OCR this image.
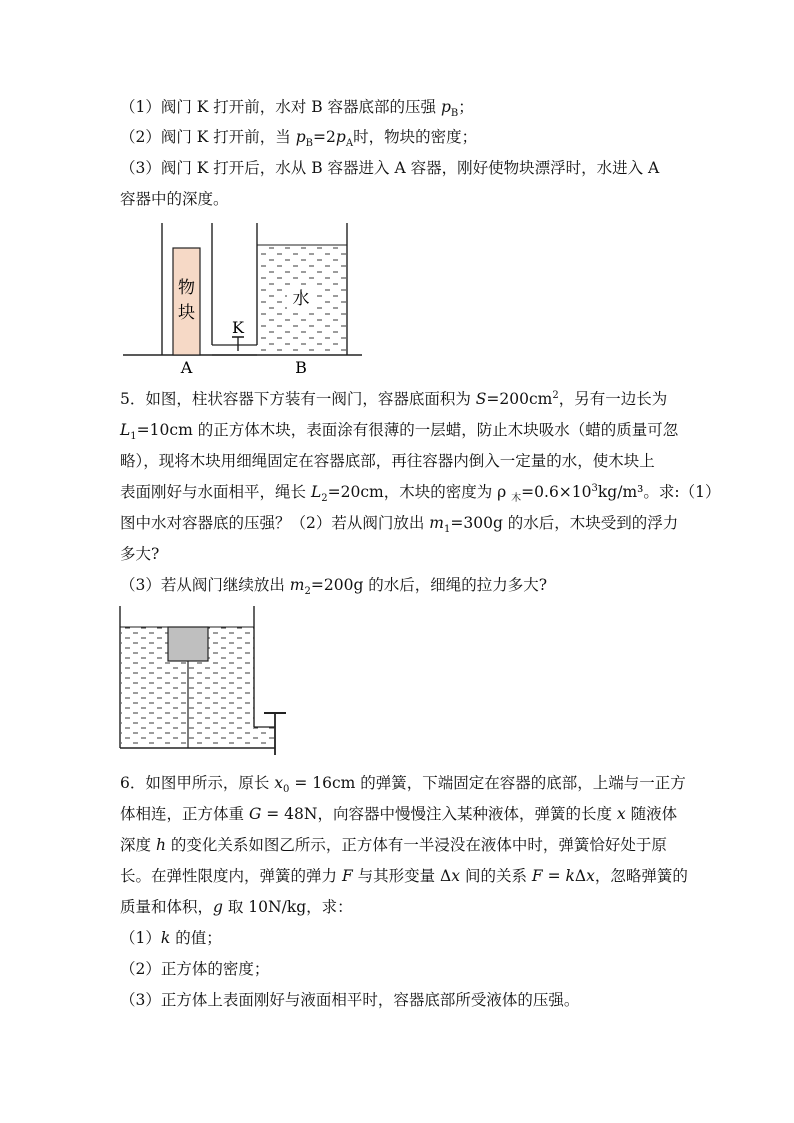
（1）阀门 K 打开前，水对 B 容器底部的压强 $p_B$；
（2）阀门 K 打开前，当 $p_B=2p_A$时，物块的密度；
（3）阀门 K 打开后，水从 B 容器进入 A 容器，刚好使物块漂浮时，水进入 A
容器中的深度。
物
块
K
水
A	B
5．如图，柱状容器下方装有一阀门，容器底面积为 $S=200cm^2$，另有一边长为
$L_1=10cm$ 的正方体木块，表面涂有很薄的一层蜡，防止木块吸水（蜡的质量可忽
略），现将木块用细绳固定在容器底部，再往容器内倒入一定量的水，使木块上
表面刚好与水面相平，绳长 $L_2=20cm$，木块的密度为 ρ $_木=0.6\times 10^3kg/m^3$。求:（1）
图中水对容器底的压强？（2）若从阀门放出 $m_1=300g$ 的水后，木块受到的浮力
多大?
（3）若从阀门继续放出 $m_2=200g$ 的水后，细绳的拉力多大?
6．如图甲所示，原长 $x_0 = 16cm$ 的弹簧，下端固定在容器的底部，上端与一正方
体相连，正方体重 G = 48N，向容器中慢慢注入某种液体，弹簧的长度 x 随液体
深度 h 的变化关系如图乙所示，正方体有一半浸没在液体中时，弹簧恰好处于原
长。在弹性限度内，弹簧的弹力 F 与其形变量 Δx 间的关系 F = kΔx，忽略弹簧的
质量和体积，g 取 10N/kg，求：
（1）k 的值；
（2）正方体的密度；
（3）正方体上表面刚好与液面相平时，容器底部所受液体的压强。
